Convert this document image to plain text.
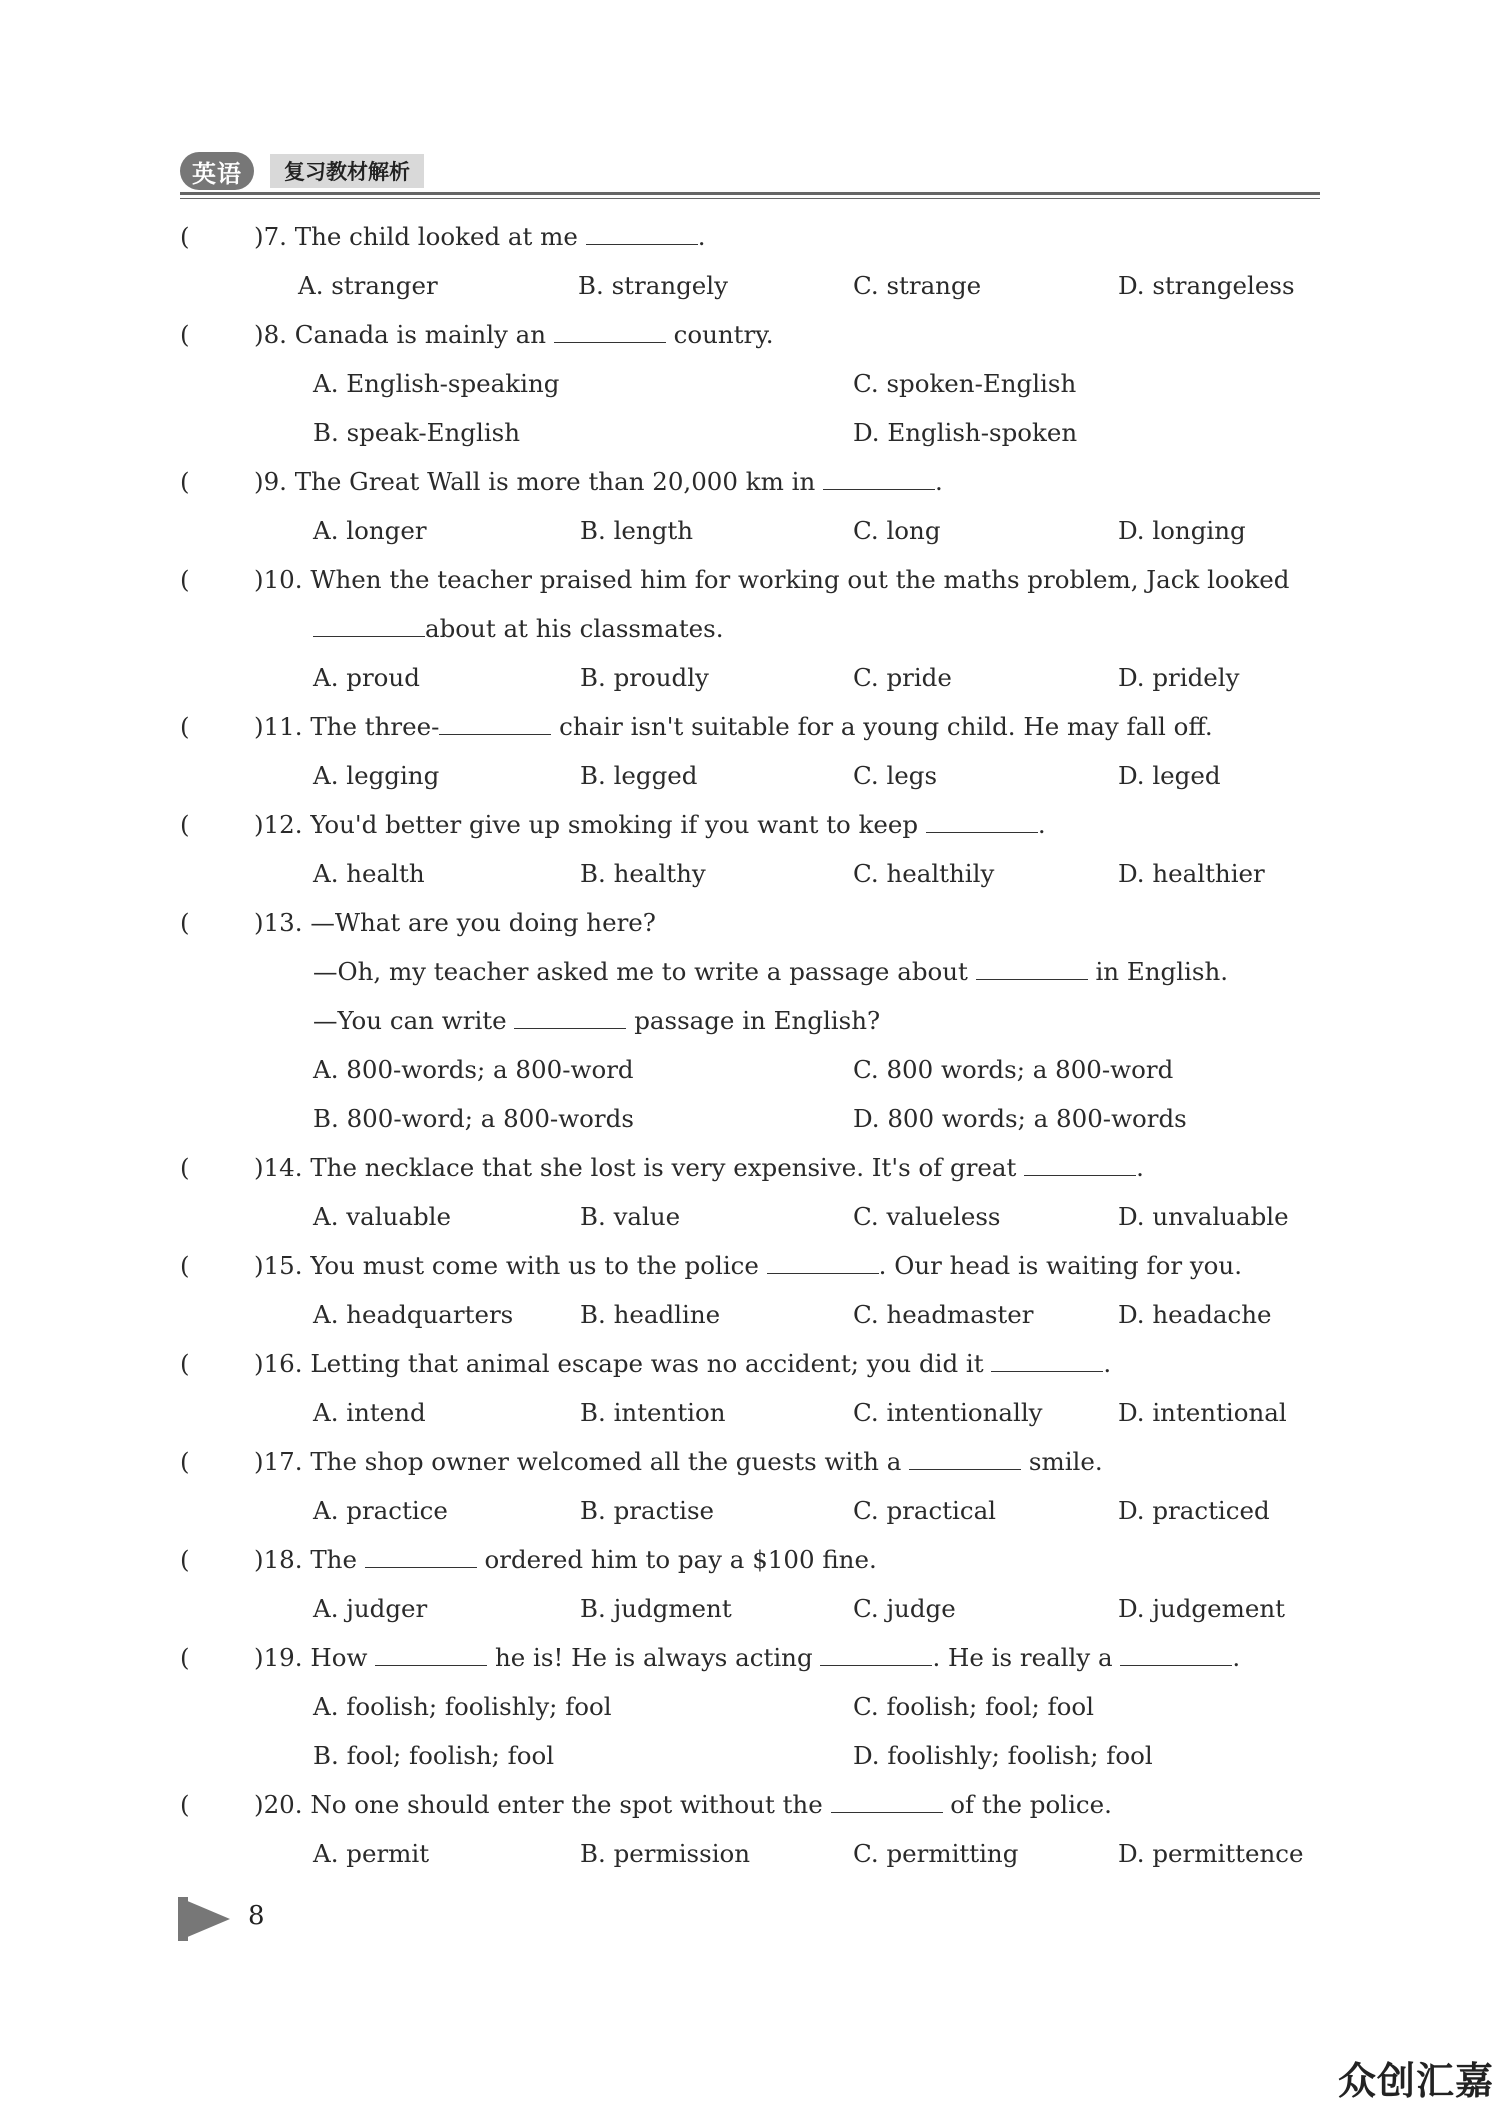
英语	复习教材解析
(	)7. The child looked at me	.
A. stranger	B. strangely	C. strange	D. strangeless
(	)8. Canada is mainly an	country.
A. English-speaking	C. spoken-English
B. speak-English	D. English-spoken
(	)9. The Great Wall is more than 20,000 km in	.
A. longer	B. length	C. long	D. longing
(	)10. When the teacher praised him for working out the maths problem, Jack looked
about at his classmates.
A. proud	B. proudly	C. pride	D. pridely
(	)11. The three-	chair isn't suitable for a young child. He may fall off.
A. legging	B. legged	C. legs	D. leged
(	)12. You'd better give up smoking if you want to keep	.
A. health	B. healthy	C. healthily	D. healthier
(	)13. —What are you doing here?
—Oh, my teacher asked me to write a passage about	in English.
—You can write	passage in English?
A. 800-words; a 800-word	C. 800 words; a 800-word
B. 800-word; a 800-words	D. 800 words; a 800-words
(	)14. The necklace that she lost is very expensive. It's of great	.
A. valuable	B. value	C. valueless	D. unvaluable
(	)15. You must come with us to the police	. Our head is waiting for you.
A. headquarters	B. headline	C. headmaster	D. headache
(	)16. Letting that animal escape was no accident; you did it	.
A. intend	B. intention	C. intentionally	D. intentional
(	)17. The shop owner welcomed all the guests with a	smile.
A. practice	B. practise	C. practical	D. practiced
(	)18. The	ordered him to pay a $100 fine.
A. judger	B. judgment	C. judge	D. judgement
(	)19. How	he is! He is always acting	. He is really a	.
A. foolish; foolishly; fool	C. foolish; fool; fool
B. fool; foolish; fool	D. foolishly; foolish; fool
(	)20. No one should enter the spot without the	of the police.
A. permit	B. permission	C. permitting	D. permittence
8
众创汇嘉
